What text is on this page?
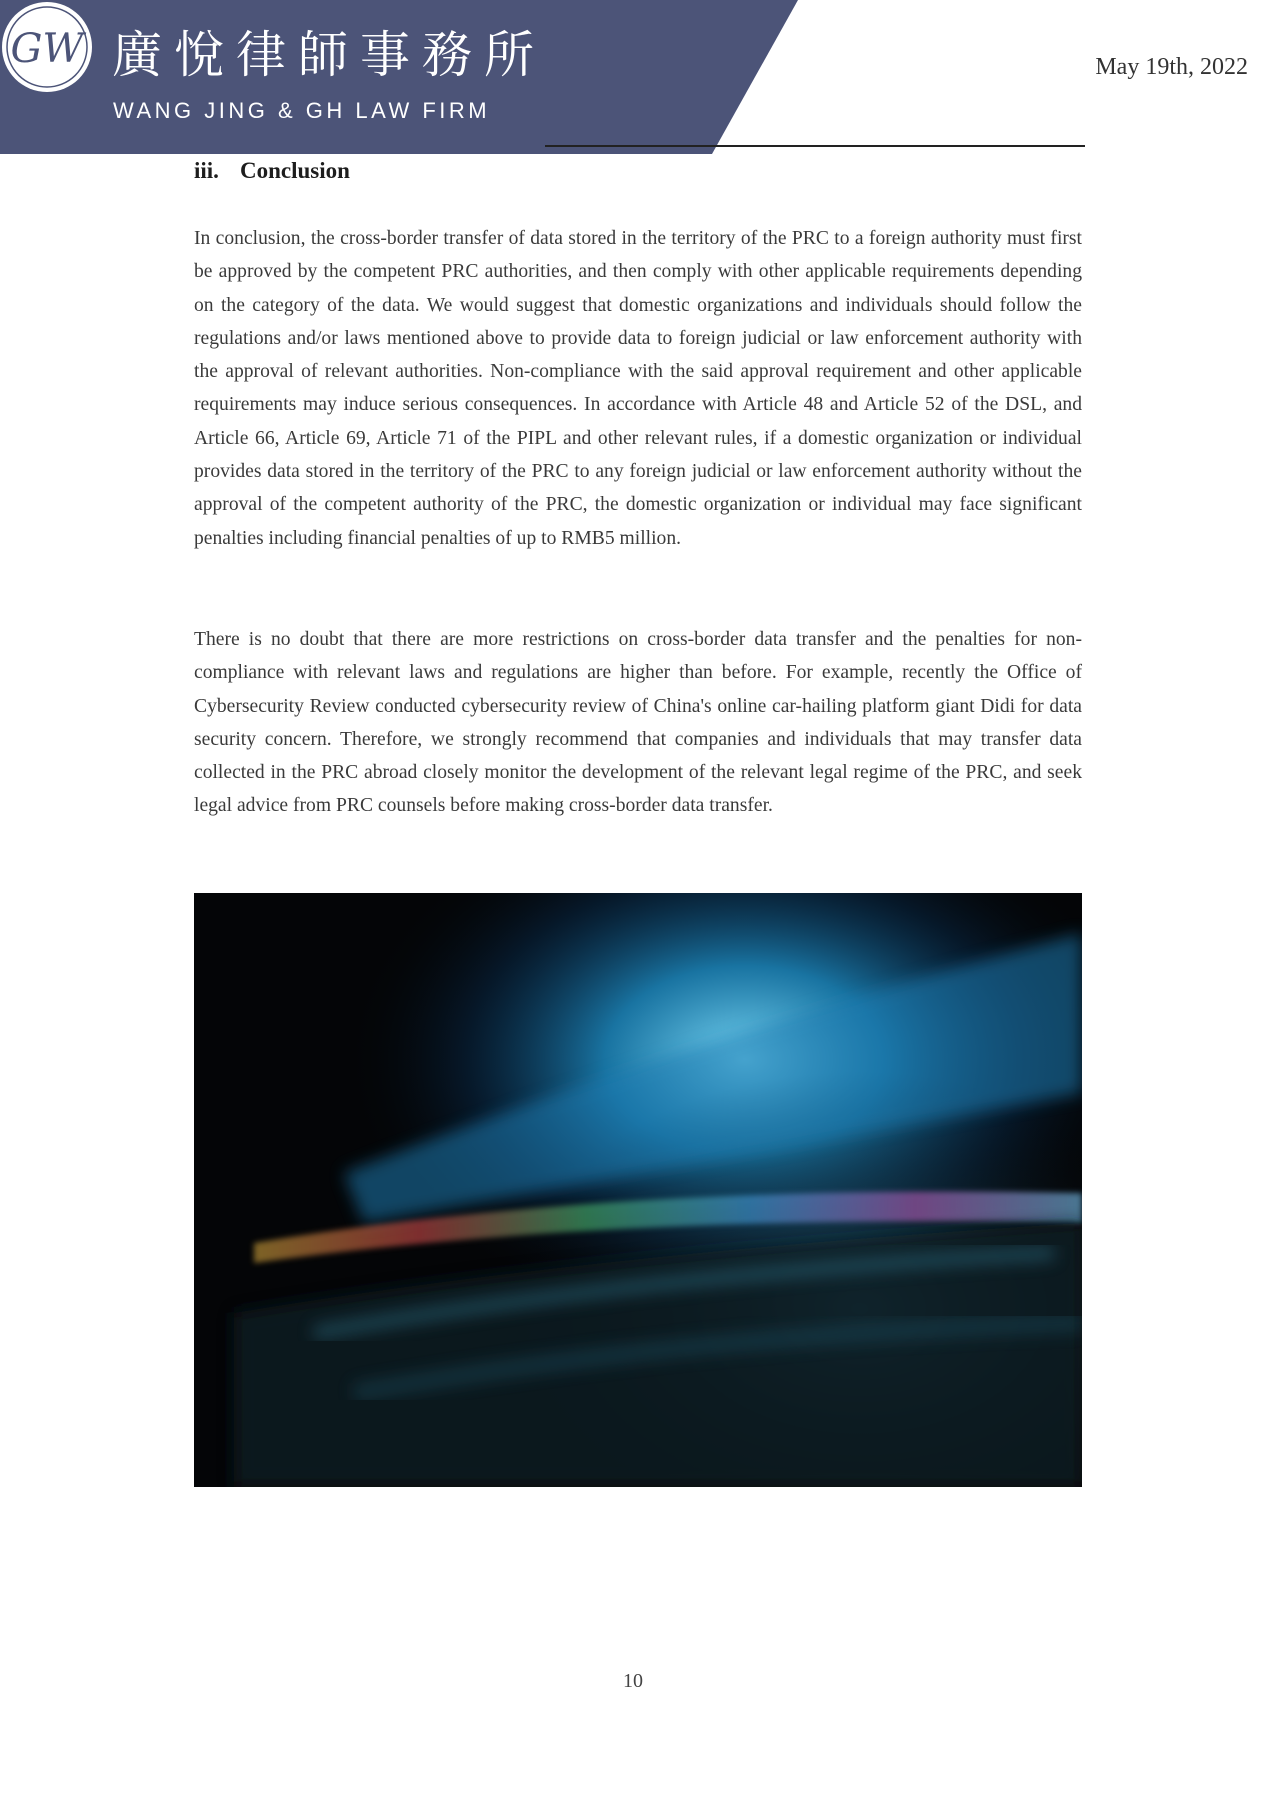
GW 廣悅律師事務所
WANG JING & GH LAW FIRM
May 19th, 2022
iii. Conclusion

In conclusion, the cross-border transfer of data stored in the territory of the PRC to a foreign authority must first be approved by the competent PRC authorities, and then comply with other applicable requirements depending on the category of the data. We would suggest that domestic organizations and individuals should follow the regulations and/or laws mentioned above to provide data to foreign judicial or law enforcement authority with the approval of relevant authorities. Non-compliance with the said approval requirement and other applicable requirements may induce serious consequences. In accordance with Article 48 and Article 52 of the DSL, and Article 66, Article 69, Article 71 of the PIPL and other relevant rules, if a domestic organization or individual provides data stored in the territory of the PRC to any foreign judicial or law enforcement authority without the approval of the competent authority of the PRC, the domestic organization or individual may face significant penalties including financial penalties of up to RMB5 million.

There is no doubt that there are more restrictions on cross-border data transfer and the penalties for non-compliance with relevant laws and regulations are higher than before. For example, recently the Office of Cybersecurity Review conducted cybersecurity review of China's online car-hailing platform giant Didi for data security concern. Therefore, we strongly recommend that companies and individuals that may transfer data collected in the PRC abroad closely monitor the development of the relevant legal regime of the PRC, and seek legal advice from PRC counsels before making cross-border data transfer.

10
